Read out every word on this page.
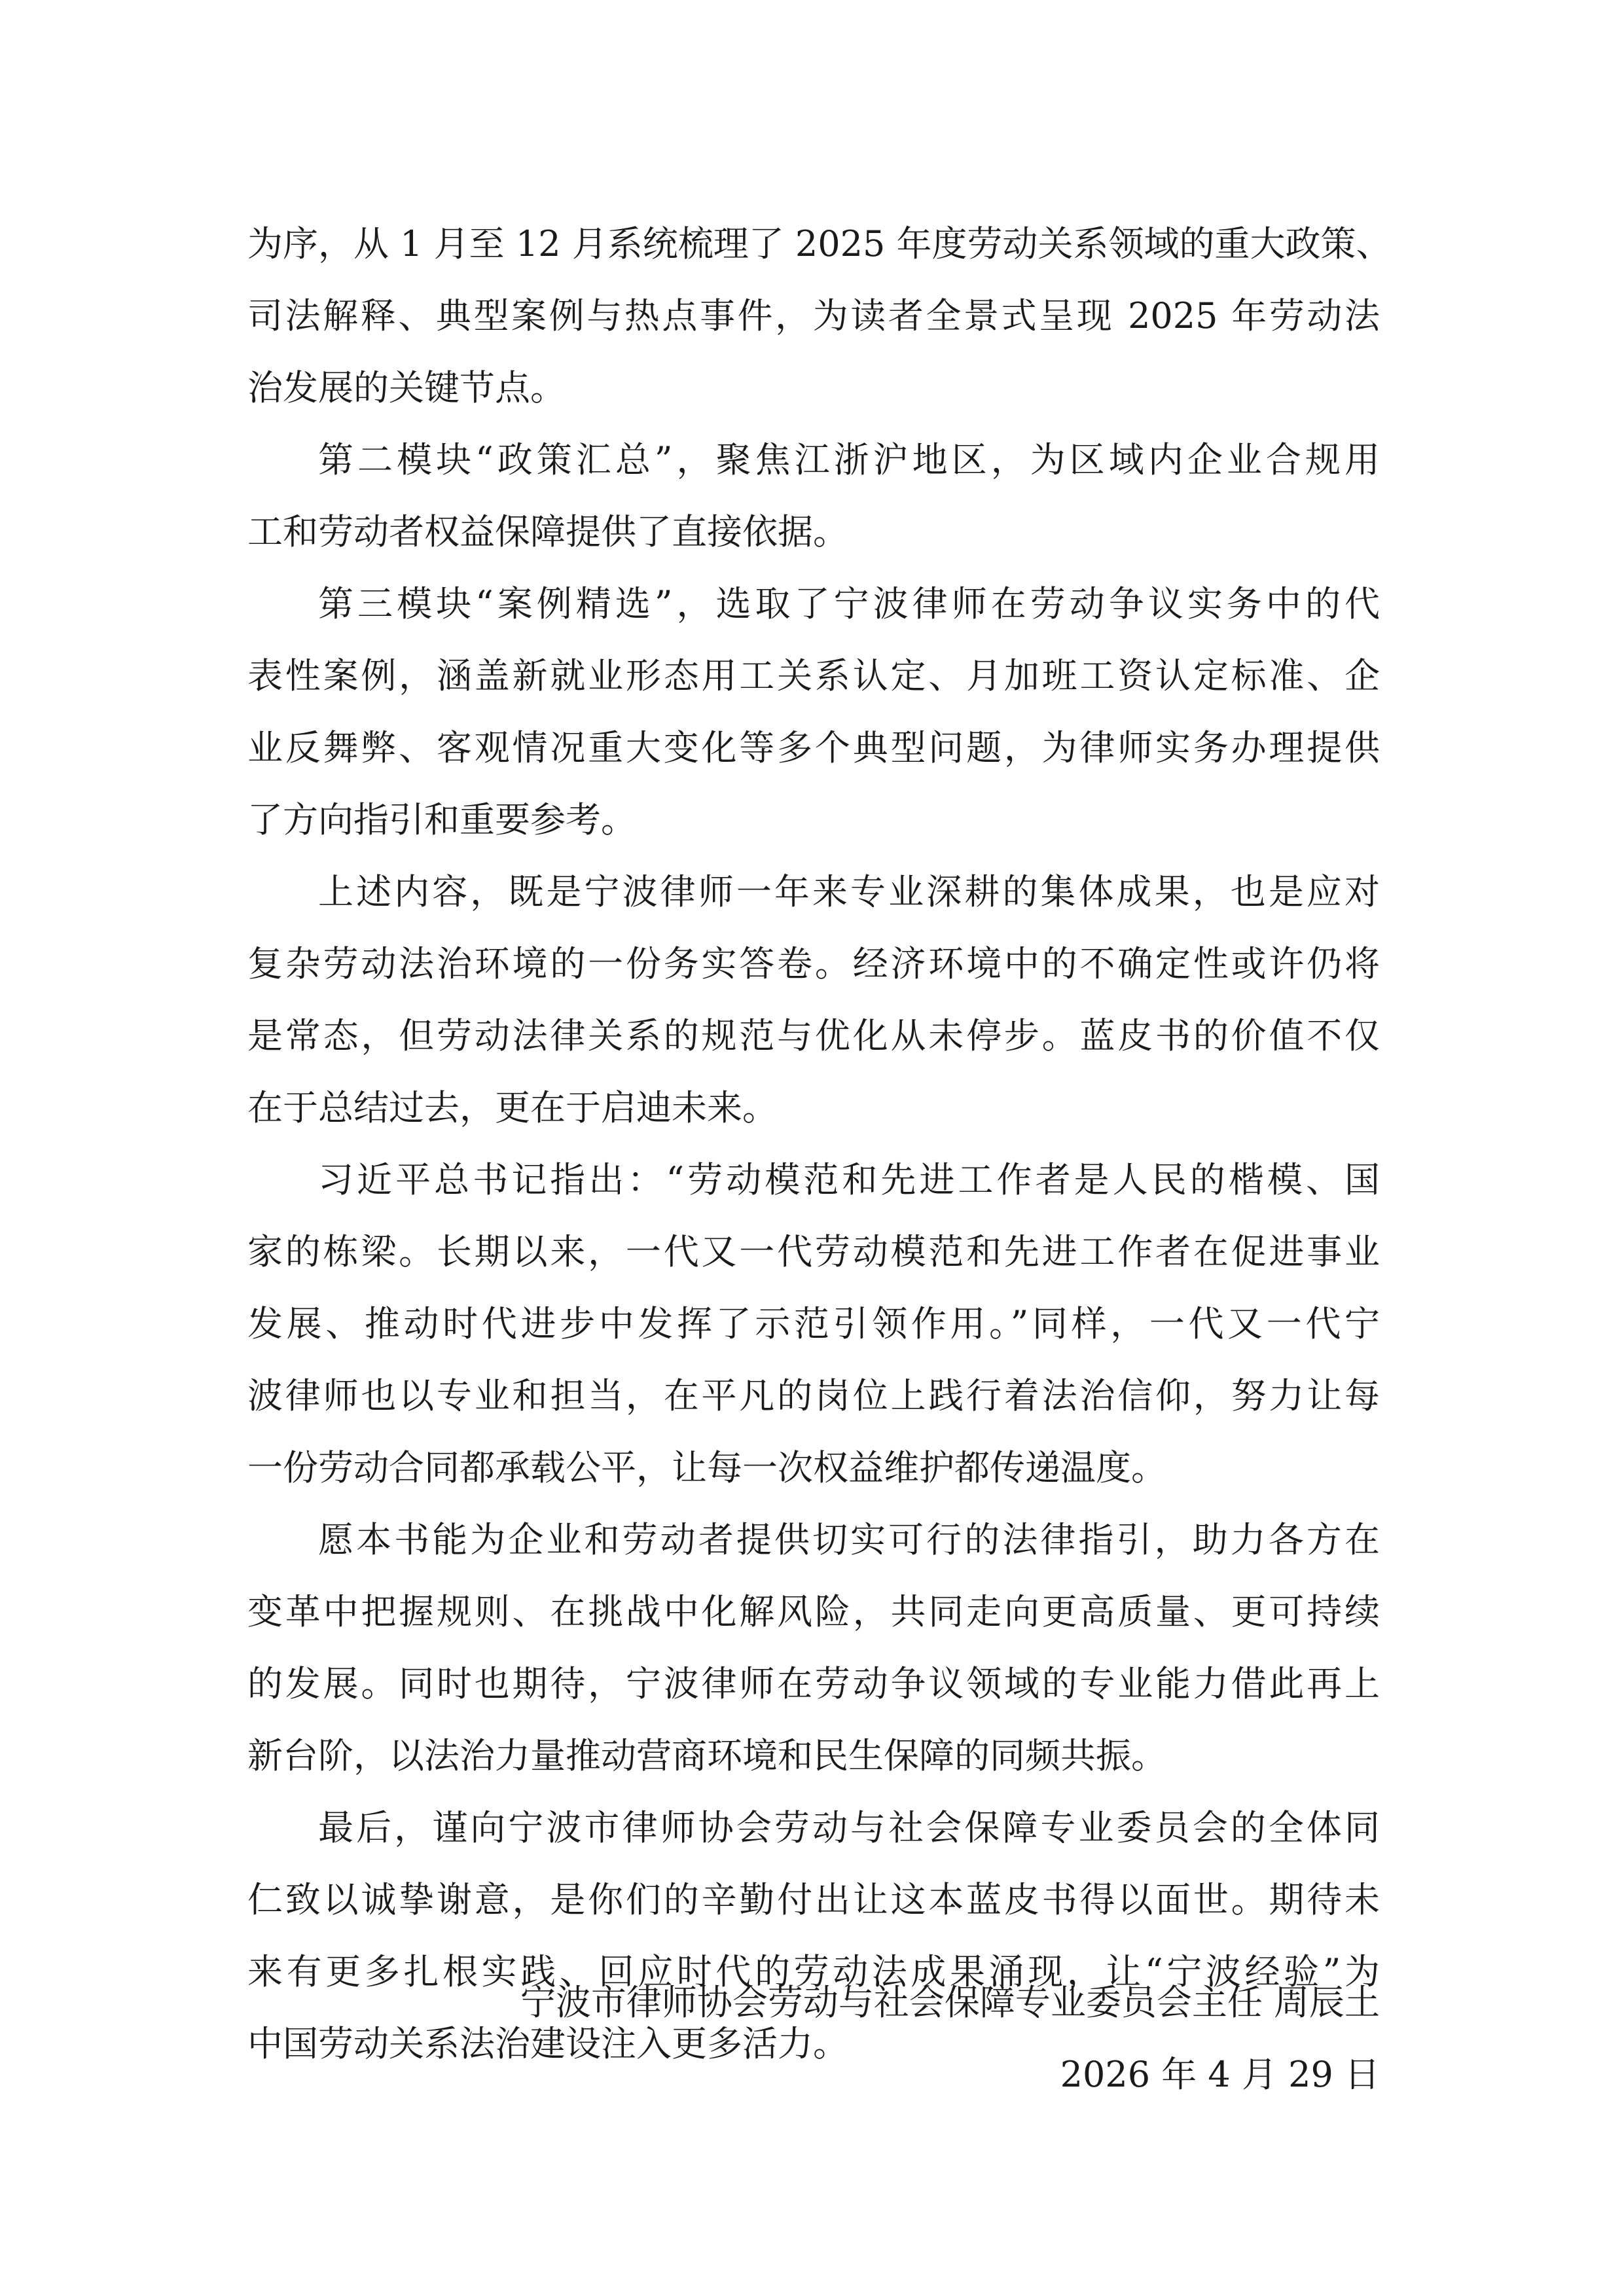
为序，从 1 月至 12 月系统梳理了 2025 年度劳动关系领域的重大政策、
司法解释、典型案例与热点事件，为读者全景式呈现 2025 年劳动法
治发展的关键节点。
第二模块“政策汇总”，聚焦江浙沪地区，为区域内企业合规用
工和劳动者权益保障提供了直接依据。
第三模块“案例精选”，选取了宁波律师在劳动争议实务中的代
表性案例，涵盖新就业形态用工关系认定、月加班工资认定标准、企
业反舞弊、客观情况重大变化等多个典型问题，为律师实务办理提供
了方向指引和重要参考。
上述内容，既是宁波律师一年来专业深耕的集体成果，也是应对
复杂劳动法治环境的一份务实答卷。经济环境中的不确定性或许仍将
是常态，但劳动法律关系的规范与优化从未停步。蓝皮书的价值不仅
在于总结过去，更在于启迪未来。
习近平总书记指出：“劳动模范和先进工作者是人民的楷模、国
家的栋梁。长期以来，一代又一代劳动模范和先进工作者在促进事业
发展、推动时代进步中发挥了示范引领作用。”同样，一代又一代宁
波律师也以专业和担当，在平凡的岗位上践行着法治信仰，努力让每
一份劳动合同都承载公平，让每一次权益维护都传递温度。
愿本书能为企业和劳动者提供切实可行的法律指引，助力各方在
变革中把握规则、在挑战中化解风险，共同走向更高质量、更可持续
的发展。同时也期待，宁波律师在劳动争议领域的专业能力借此再上
新台阶，以法治力量推动营商环境和民生保障的同频共振。
最后，谨向宁波市律师协会劳动与社会保障专业委员会的全体同
仁致以诚挚谢意，是你们的辛勤付出让这本蓝皮书得以面世。期待未
来有更多扎根实践、回应时代的劳动法成果涌现，让“宁波经验”为
中国劳动关系法治建设注入更多活力。
宁波市律师协会劳动与社会保障专业委员会主任 周辰土
2026 年 4 月 29 日
